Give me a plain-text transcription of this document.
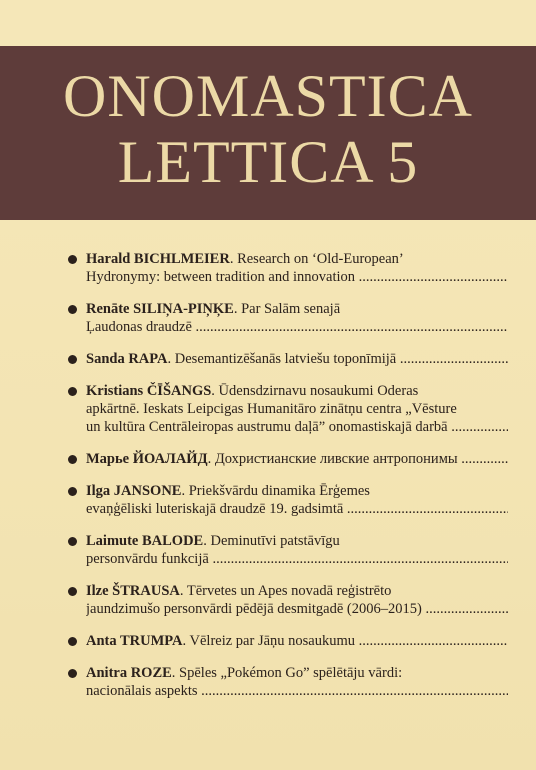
ONOMASTICA
LETTICA 5
Harald BICHLMEIER. Research on ‘Old-European’
Hydronymy: between tradition and innovation .....
Renāte SILIŅA-PIŅĶE. Par Salām senajā
Ļaudonas draudzē .....
Sanda RAPA. Desemantizēšanās latviešu toponīmijā .....
Kristians ČĪŠANGS. Ūdensdzirnavu nosaukumi Oderas
apkārtnē. Ieskats Leipcigas Humanitāro zinātņu centra „Vēsture
un kultūra Centrāleiropas austrumu daļā” onomastiskajā darbā .....
Марье ЙОАЛАЙД. Дохристианские ливские антропонимы .....
Ilga JANSONE. Priekšvārdu dinamika Ērģemes
evaņģēliski luteriskajā draudzē 19. gadsimtā .....
Laimute BALODE. Deminutīvi patstāvīgu
personvārdu funkcijā .....
Ilze ŠTRAUSA. Tērvetes un Apes novadā reģistrēto
jaundzimušo personvārdi pēdējā desmitgadē (2006–2015) .....
Anta TRUMPA. Vēlreiz par Jāņu nosaukumu .....
Anitra ROZE. Spēles „Pokémon Go” spēlētāju vārdi:
nacionālais aspekts .....
